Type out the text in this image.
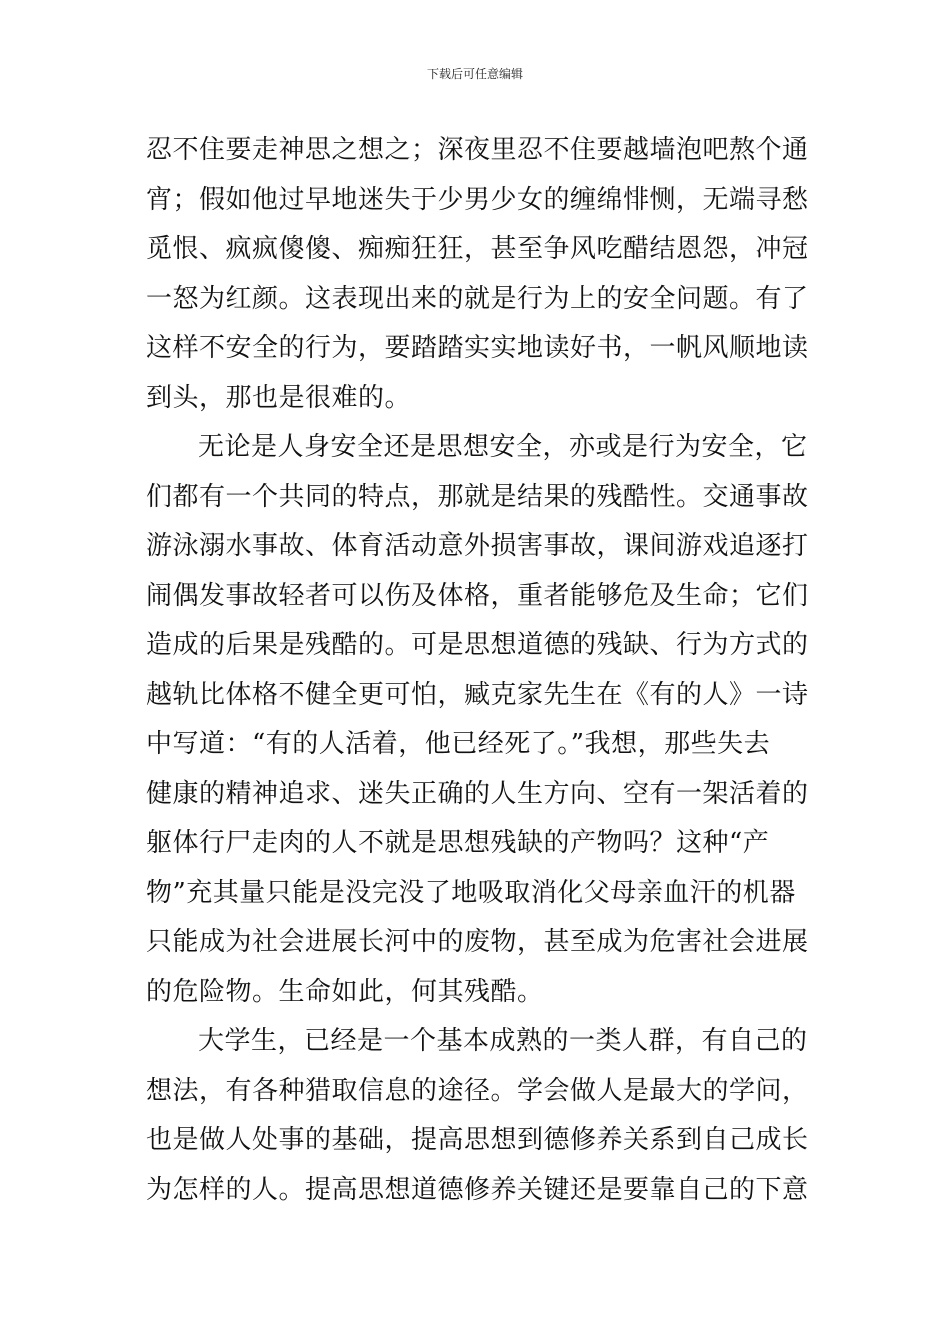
下载后可任意编辑
忍不住要走神思之想之；深夜里忍不住要越墙泡吧熬个通
宵；假如他过早地迷失于少男少女的缠绵悱恻，无端寻愁
觅恨、疯疯傻傻、痴痴狂狂，甚至争风吃醋结恩怨，冲冠
一怒为红颜。这表现出来的就是行为上的安全问题。有了
这样不安全的行为，要踏踏实实地读好书，一帆风顺地读
到头，那也是很难的。
无论是人身安全还是思想安全，亦或是行为安全，它
们都有一个共同的特点，那就是结果的残酷性。交通事故
游泳溺水事故、体育活动意外损害事故，课间游戏追逐打
闹偶发事故轻者可以伤及体格，重者能够危及生命；它们
造成的后果是残酷的。可是思想道德的残缺、行为方式的
越轨比体格不健全更可怕，臧克家先生在《有的人》一诗
中写道：“有的人活着，他已经死了。”我想，那些失去
健康的精神追求、迷失正确的人生方向、空有一架活着的
躯体行尸走肉的人不就是思想残缺的产物吗？这种“产
物”充其量只能是没完没了地吸取消化父母亲血汗的机器
只能成为社会进展长河中的废物，甚至成为危害社会进展
的危险物。生命如此，何其残酷。
大学生，已经是一个基本成熟的一类人群，有自己的
想法，有各种猎取信息的途径。学会做人是最大的学问，
也是做人处事的基础，提高思想到德修养关系到自己成长
为怎样的人。提高思想道德修养关键还是要靠自己的下意
